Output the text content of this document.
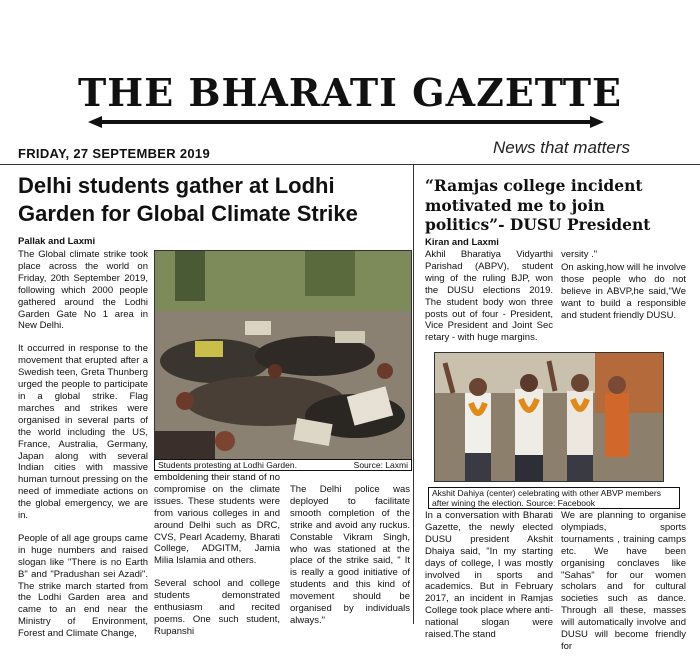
THE BHARATI GAZETTE
FRIDAY, 27 SEPTEMBER 2019	News that matters
Delhi students gather at Lodhi
Garden for Global Climate Strike
Pallak and Laxmi

The Global climate strike took place across the world on Friday, 20th September 2019, following which 2000 people gathered around the Lodhi Garden Gate No 1 area in New Delhi.

It occurred in response to the movement that erupted after a Swedish teen, Greta Thunberg urged the people to participate in a global strike. Flag marches and strikes were organised in several parts of the world including the US, France, Australia, Germany, Japan along with several Indian cities with massive human turnout pressing on the need of immediate actions on the global emergency, we are in.

People of all age groups came in huge numbers and raised slogan like "There is no Earth B" and "Pradushan sei Azadi". The strike march started from the Lodhi Garden area and came to an end near the Ministry of Environment, Forest and Climate Change,

Students protesting at Lodhi Garden.	Source: Laxmi

emboldening their stand of no compromise on the climate issues. These students were from various colleges in and around Delhi such as DRC, CVS, Pearl Academy, Bharati College, ADGITM, Jamia Milia Islamia and others.

Several school and college students demonstrated enthusiasm and recited poems. One such student, Rupanshi

The Delhi police was deployed to facilitate smooth completion of the strike and avoid any ruckus. Constable Vikram Singh, who was stationed at the place of the strike said, " It is really a good initiative of students and this kind of movement should be organised by individuals always."

“Ramjas college incident motivated me to join politics”- DUSU President
Kiran and Laxmi

Akhil Bharatiya Vidyarthi Parishad (ABPV), student wing of the ruling BJP, won the DUSU elections 2019. The student body won three posts out of four - President, Vice President and Joint Sec retary - with huge margins.

versity ."

On asking,how will he involve those people who do not believe in ABVP,he said,"We want to build a responsible and student friendly DUSU.

Akshit Dahiya (center) celebrating with other ABVP members after wining the election. Source: Facebook

In a conversation with Bharati Gazette, the newly elected DUSU president Akshit Dhaiya said, "In my starting days of college, I was mostly involved in sports and academics. But in February 2017, an incident in Ramjas College took place where anti-national slogan were raised.The stand

We are planning to organise olympiads, sports tournaments , training camps etc. We have been organising conclaves like "Sahas" for our women scholars and for cultural societies such as dance. Through all these, masses will automatically involve and DUSU will become friendly for
